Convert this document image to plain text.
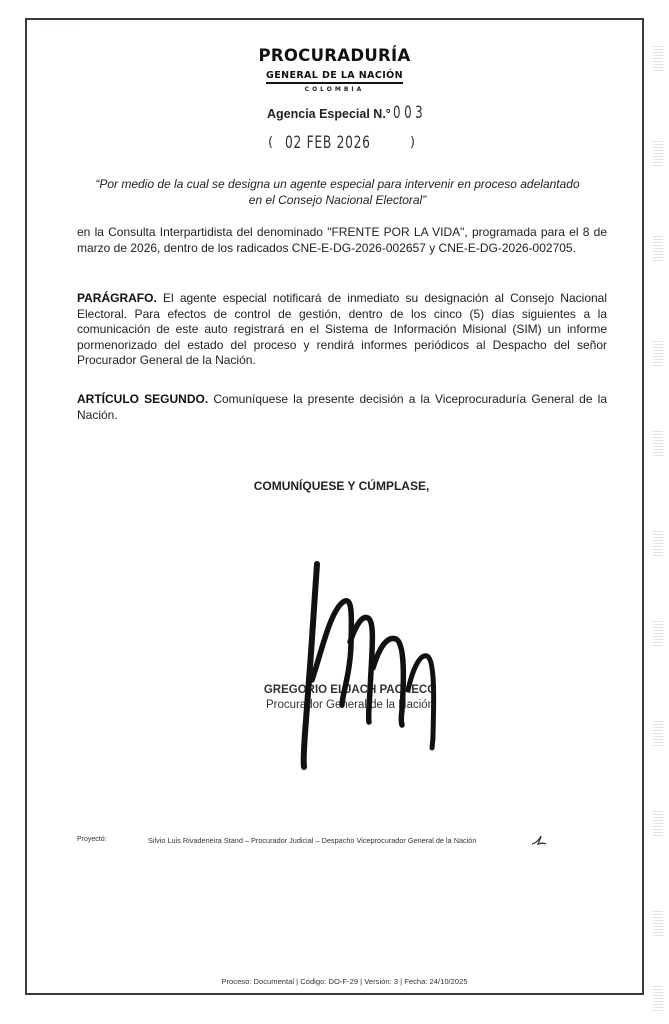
· · · · ·
PROCURADURÍA
GENERAL DE LA NACIÓN
COLOMBIA
Agencia Especial N.° 003
( 02 FEB 2026	)
“Por medio de la cual se designa un agente especial para intervenir en proceso adelantado en el Consejo Nacional Electoral”
en la Consulta Interpartidista del denominado "FRENTE POR LA VIDA", programada para el 8 de marzo de 2026, dentro de los radicados CNE-E-DG-2026-002657 y CNE-E-DG-2026-002705.
PARÁGRAFO. El agente especial notificará de inmediato su designación al Consejo Nacional Electoral. Para efectos de control de gestión, dentro de los cinco (5) días siguientes a la comunicación de este auto registrará en el Sistema de Información Misional (SIM) un informe pormenorizado del estado del proceso y rendirá informes periódicos al Despacho del señor Procurador General de la Nación.
ARTÍCULO SEGUNDO. Comuníquese la presente decisión a la Viceprocuraduría General de la Nación.
COMUNÍQUESE Y CÚMPLASE,
GREGORIO ELJACH PACHECO
Procurador General de la Nación
Proyectó:	Silvio Luis Rivadeneira Stand – Procurador Judicial – Despacho Viceprocurador General de la Nación
Proceso: Documental | Código: DO-F-29 | Versión: 3 | Fecha: 24/10/2025
